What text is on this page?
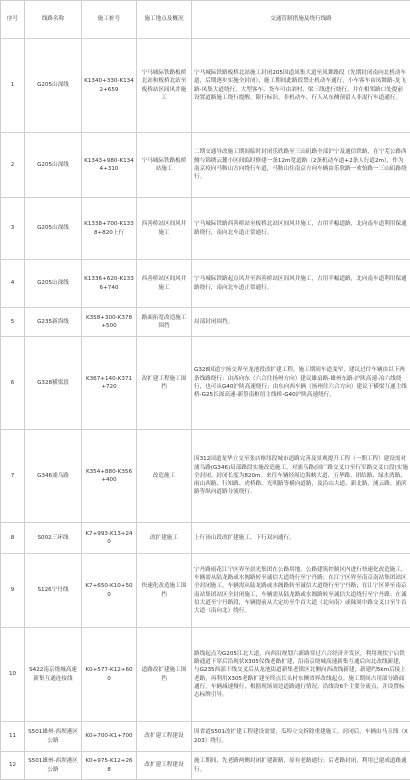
序号	线路名称	施工桩号	施工地点及概况	交通管制措施及绕行线路
1	G205山深线	K1340+330-K1342+659	宁马城际铁路板桥北站和板桥北站至板桥站区间风井施工	宁马城际铁路板桥北站施工封闭205国道凤集大道至凤舞路段（先期封闭南向北机动车道，后期逐步实施全封闭），施工期间此路段禁止机动车通行，小车客车由凤舞路-龙飞路-凤集大道绕行，大型客车、货车可由刘村、梁三线进行绕行，并在相邻路口处提前设置道路施工绕行提醒，限行标识。非机动车、行人从东侧预留人非混行车道通行。
2	G205山深线	K1343+980-K1344+310	宁马城际铁路板桥站施工	二期交通导改施工期间临时封闭乐欣路至三山矶路全部沪宁及通信铁路，在宁芜公路西侧与锦绣云麓小区间临时修建一条12m宽道路（2条机动车道+2条人行道2m），作为南京疫向马鞍山方向绕行车道，马鞍山往南京方向车辆由乐欣路一欢怡路一三山矶路绕行。
3	G205山深线	K1338+700-K1338+820上行	西善桥站区间风井施工	宁马城际铁路西善桥站至板桥北站区间风井施工，占用半幅道路，北向南车道利用保通路绕行，南向北车道正常通行。
4	G205山深线	K1336+620-K1336+740	西善桥站区间风井施工	宁马城际铁路起点风井至西善桥站区间风井施工，占用半幅道路，北向南车道利用保通路绕行，南向北车道正常通行。
5	G235新海线	K358+300-K378+500	路面拓宽改造施工围挡	局部封闭围挡。
6	G328横梁段	K367+140-K371+720	改扩建工程施工围挡	G328国道宁扬交界至龙池段改扩建工程。施工期间车道变窄，建议过往车辆由以下两条线路绕行：由西向东（六合往扬州方向）建议雄扇路-雄州东路-沪陕高速-冶六线绕行，也可从G40沪陕高速绕行；由东向西车辆（扬州往六合方向）建议于横梁互通主线桥-G25长深高速-新篁南枢纽主线桥-G40沪陕高速绕行。
7	G346浦乌路	K354+880-K356+400	改造施工	因312国道龙华立交至张店枢纽段城市道路完善及景观提升工程（一期工程）建设需对浦乌路(G346)局部路段实施改造施工，对浦乌路(国广路交叉口至行军路交叉口段)实施全封闭。封闭长度为820m。来往车辆经周边海峡大道、五华路、团结路、绿水湾路、雨山西路、行知路、虎桥路、光明路等横向道路，及沿山大道、新北路、浦云路、浦滨路等纵向道路分流绕行。
8	S002三环线	K7+993-K13+240	改扩建施工	上行汤山段改扩建施工，下行双向通行。
9	S126宁丹线	K7+650-K10+500	快速化改造施工围挡	宁丹路雨花江宁区界至晨光集团在公路用地、公路建筑控制区内进行快速化改造施工，车辆需从陆龙路或水阁路转至诚信大道绕行至宁丹路；在江宁区界至南京南站集团站区全封闭施工，车辆需从陆龙路或水阁路转至诚信大道绕行至宁丹路；在江宁区界至南京南站集团站区全封闭施工，车辆需从陆龙路或水阁路转至诚信大道绕行至宁丹路；在诚信大道至宁丹路段，车辆提前从大定坊至牛首大道（北向南）或秣周中路交叉口至牛首大道（南向北）绕行。
10	S422南京绕城高速新集互通连接线	K0+577-K12+600	道路改扩建施工围挡	路线起点为G205江北大道，向西沿规划六新路穿过六合经济开发区，利用现状宁启铁路通道下穿后沿现状X305仪线老路扩建，沿南京绕城高速新集互通后向北改线新建，与G235西部干线交叉后从龙池街道新集老镇区北侧向西改线新建，新建约5km后接上老路，再利用X305老路扩建至终点长头村东侧省界改线起点。施工期间占用部分路面通行，车辆减速慢行，根据现场周边道路通行情况，沿线设6个主要分流点，并设置标志标牌引导。
11	S501雄州-西坝港区公路	K0+700-K1+700	改扩建工程建设	因省道S501改扩建工程建设需要，瓜埠立交拆除重建施工。封闭后，车辆由马玉线（X203）绕行。
12	S501雄州-西坝港区公路	K0+975-K12+268	改扩建工程建设	施工期间，先老路两侧封闭扩建新路，原有老路通行；后老路封闭，利用已建成道路通行。
